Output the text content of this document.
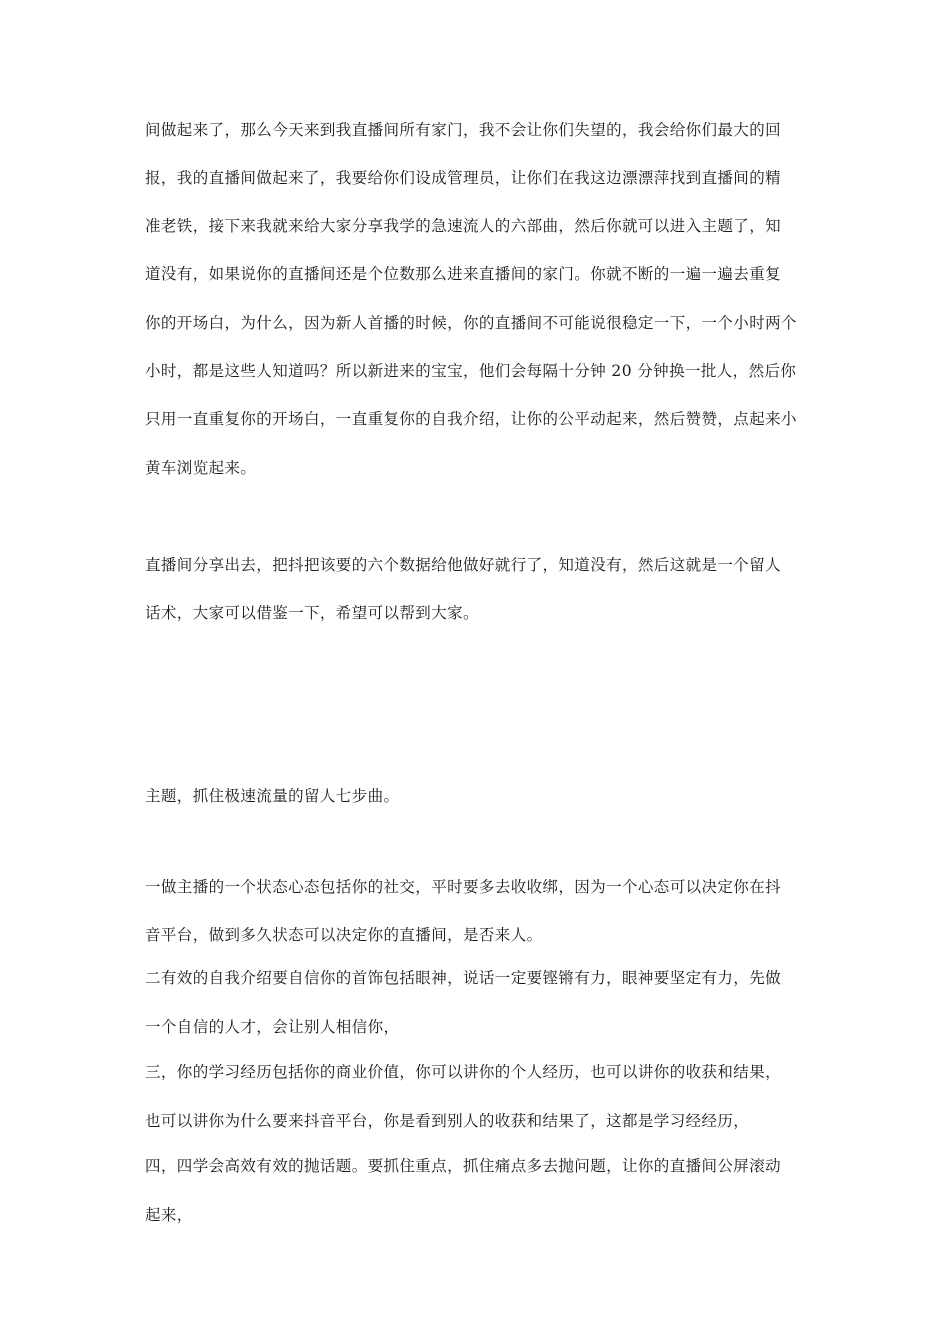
间做起来了，那么今天来到我直播间所有家门，我不会让你们失望的，我会给你们最大的回
报，我的直播间做起来了，我要给你们设成管理员，让你们在我这边漂漂萍找到直播间的精
准老铁，接下来我就来给大家分享我学的急速流人的六部曲，然后你就可以进入主题了，知
道没有，如果说你的直播间还是个位数那么进来直播间的家门。你就不断的一遍一遍去重复
你的开场白，为什么，因为新人首播的时候，你的直播间不可能说很稳定一下，一个小时两个
小时，都是这些人知道吗？所以新进来的宝宝，他们会每隔十分钟 20 分钟换一批人，然后你
只用一直重复你的开场白，一直重复你的自我介绍，让你的公平动起来，然后赞赞，点起来小
黄车浏览起来。
直播间分享出去，把抖把该要的六个数据给他做好就行了，知道没有，然后这就是一个留人
话术，大家可以借鉴一下，希望可以帮到大家。
主题，抓住极速流量的留人七步曲。
一做主播的一个状态心态包括你的社交，平时要多去收收绑，因为一个心态可以决定你在抖
音平台，做到多久状态可以决定你的直播间，是否来人。
二有效的自我介绍要自信你的首饰包括眼神，说话一定要铿锵有力，眼神要坚定有力，先做
一个自信的人才，会让别人相信你，
三，你的学习经历包括你的商业价值，你可以讲你的个人经历，也可以讲你的收获和结果，
也可以讲你为什么要来抖音平台，你是看到别人的收获和结果了，这都是学习经经历，
四，四学会高效有效的抛话题。要抓住重点，抓住痛点多去抛问题，让你的直播间公屏滚动
起来，
